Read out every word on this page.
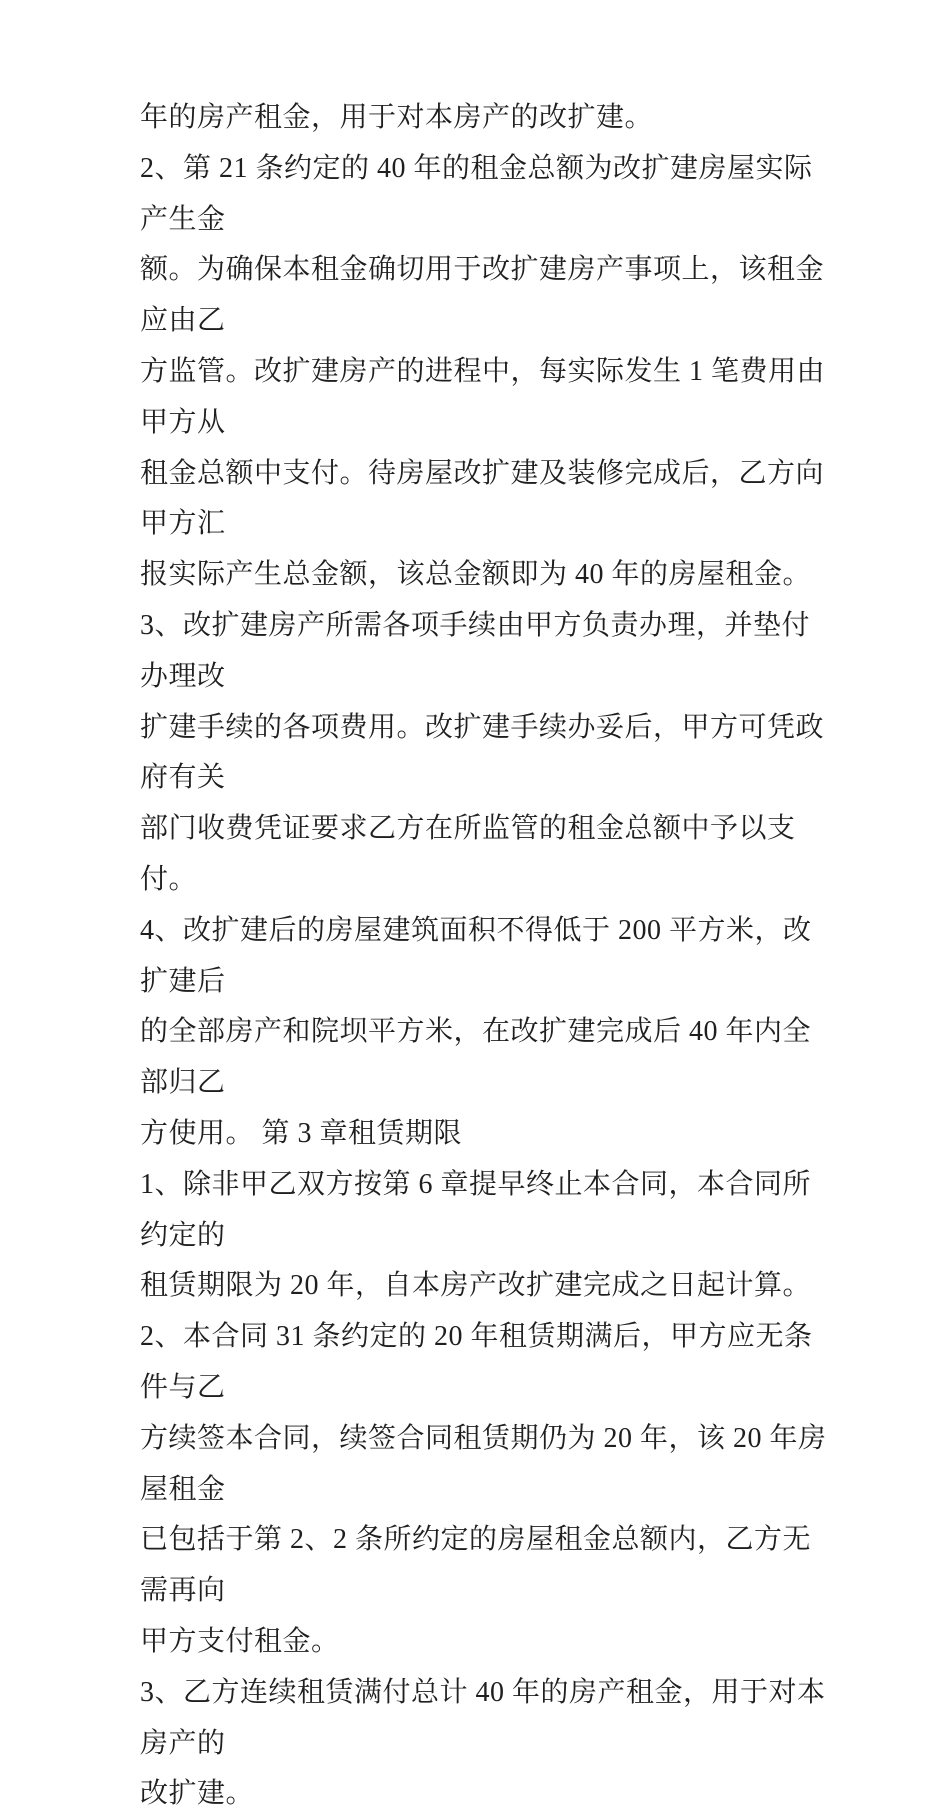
年的房产租金，用于对本房产的改扩建。

2、第 21 条约定的 40 年的租金总额为改扩建房屋实际产生金

额。为确保本租金确切用于改扩建房产事项上，该租金应由乙

方监管。改扩建房产的进程中，每实际发生 1 笔费用由甲方从

租金总额中支付。待房屋改扩建及装修完成后，乙方向甲方汇

报实际产生总金额，该总金额即为 40 年的房屋租金。

3、改扩建房产所需各项手续由甲方负责办理，并垫付办理改

扩建手续的各项费用。改扩建手续办妥后，甲方可凭政府有关

部门收费凭证要求乙方在所监管的租金总额中予以支付。

4、改扩建后的房屋建筑面积不得低于 200 平方米，改扩建后

的全部房产和院坝平方米，在改扩建完成后 40 年内全部归乙

方使用。 第 3 章租赁期限

1、除非甲乙双方按第 6 章提早终止本合同，本合同所约定的

租赁期限为 20 年，自本房产改扩建完成之日起计算。

2、本合同 31 条约定的 20 年租赁期满后，甲方应无条件与乙

方续签本合同，续签合同租赁期仍为 20 年，该 20 年房屋租金

已包括于第 2、2 条所约定的房屋租金总额内，乙方无需再向

甲方支付租金。

3、乙方连续租赁满付总计 40 年的房产租金，用于对本房产的

改扩建。
